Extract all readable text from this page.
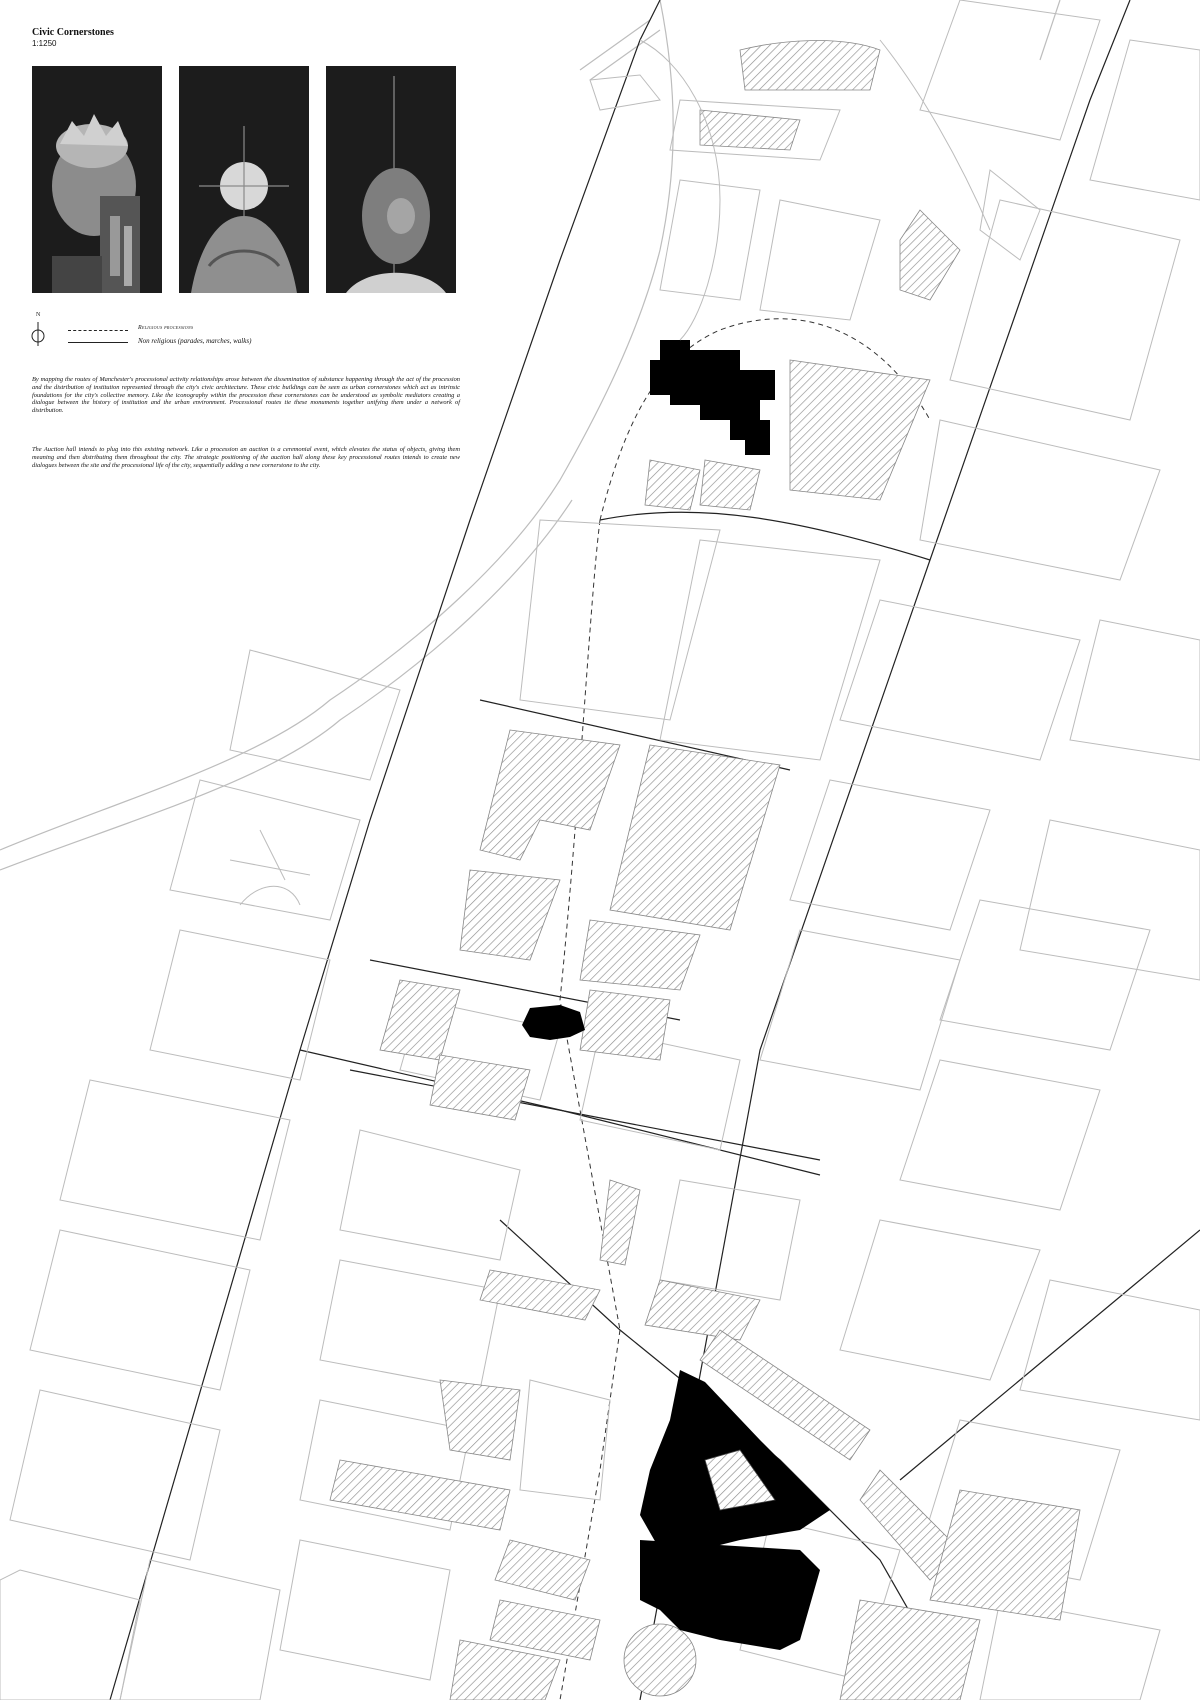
Civic Cornerstones
1:1250
N
Religious processions
Non religious (parades, marches, walks)

By mapping the routes of Manchester's processional activity relationships arose between the dissemination of substance happening through the act of the procession and the distribution of institution represented through the city's civic architecture. These civic buildings can be seen as urban cornerstones which act as intrinsic foundations for the city's collective memory. Like the iconography within the procession these cornerstones can be understood as symbolic mediators creating a dialogue between the history of institution and the urban environment. Processional routes tie these monuments together unifying them under a network of distribution.

The Auction hall intends to plug into this existing network. Like a procession an auction is a ceremonial event, which elevates the status of objects, giving them meaning and then distributing them throughout the city. The strategic positioning of the auction hall along these key processional routes intends to create new dialogues between the site and the processional life of the city, sequentially adding a new cornerstone to the city.
